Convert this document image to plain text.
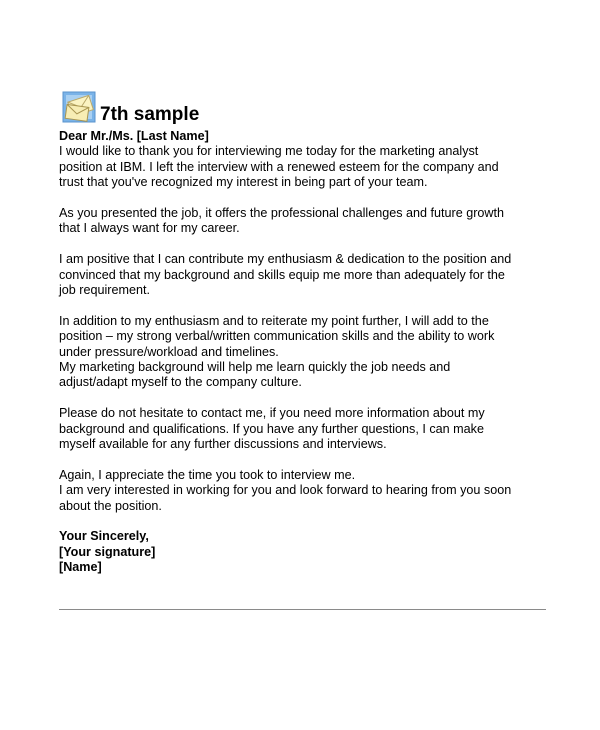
7th sample
Dear Mr./Ms. [Last Name]
I would like to thank you for interviewing me today for the marketing analyst
position at IBM. I left the interview with a renewed esteem for the company and
trust that you've recognized my interest in being part of your team.
As you presented the job, it offers the professional challenges and future growth
that I always want for my career.
I am positive that I can contribute my enthusiasm & dedication to the position and
convinced that my background and skills equip me more than adequately for the
job requirement.
In addition to my enthusiasm and to reiterate my point further, I will add to the
position – my strong verbal/written communication skills and the ability to work
under pressure/workload and timelines.
My marketing background will help me learn quickly the job needs and
adjust/adapt myself to the company culture.
Please do not hesitate to contact me, if you need more information about my
background and qualifications. If you have any further questions, I can make
myself available for any further discussions and interviews.
Again, I appreciate the time you took to interview me.
I am very interested in working for you and look forward to hearing from you soon
about the position.
Your Sincerely,
[Your signature]
[Name]
